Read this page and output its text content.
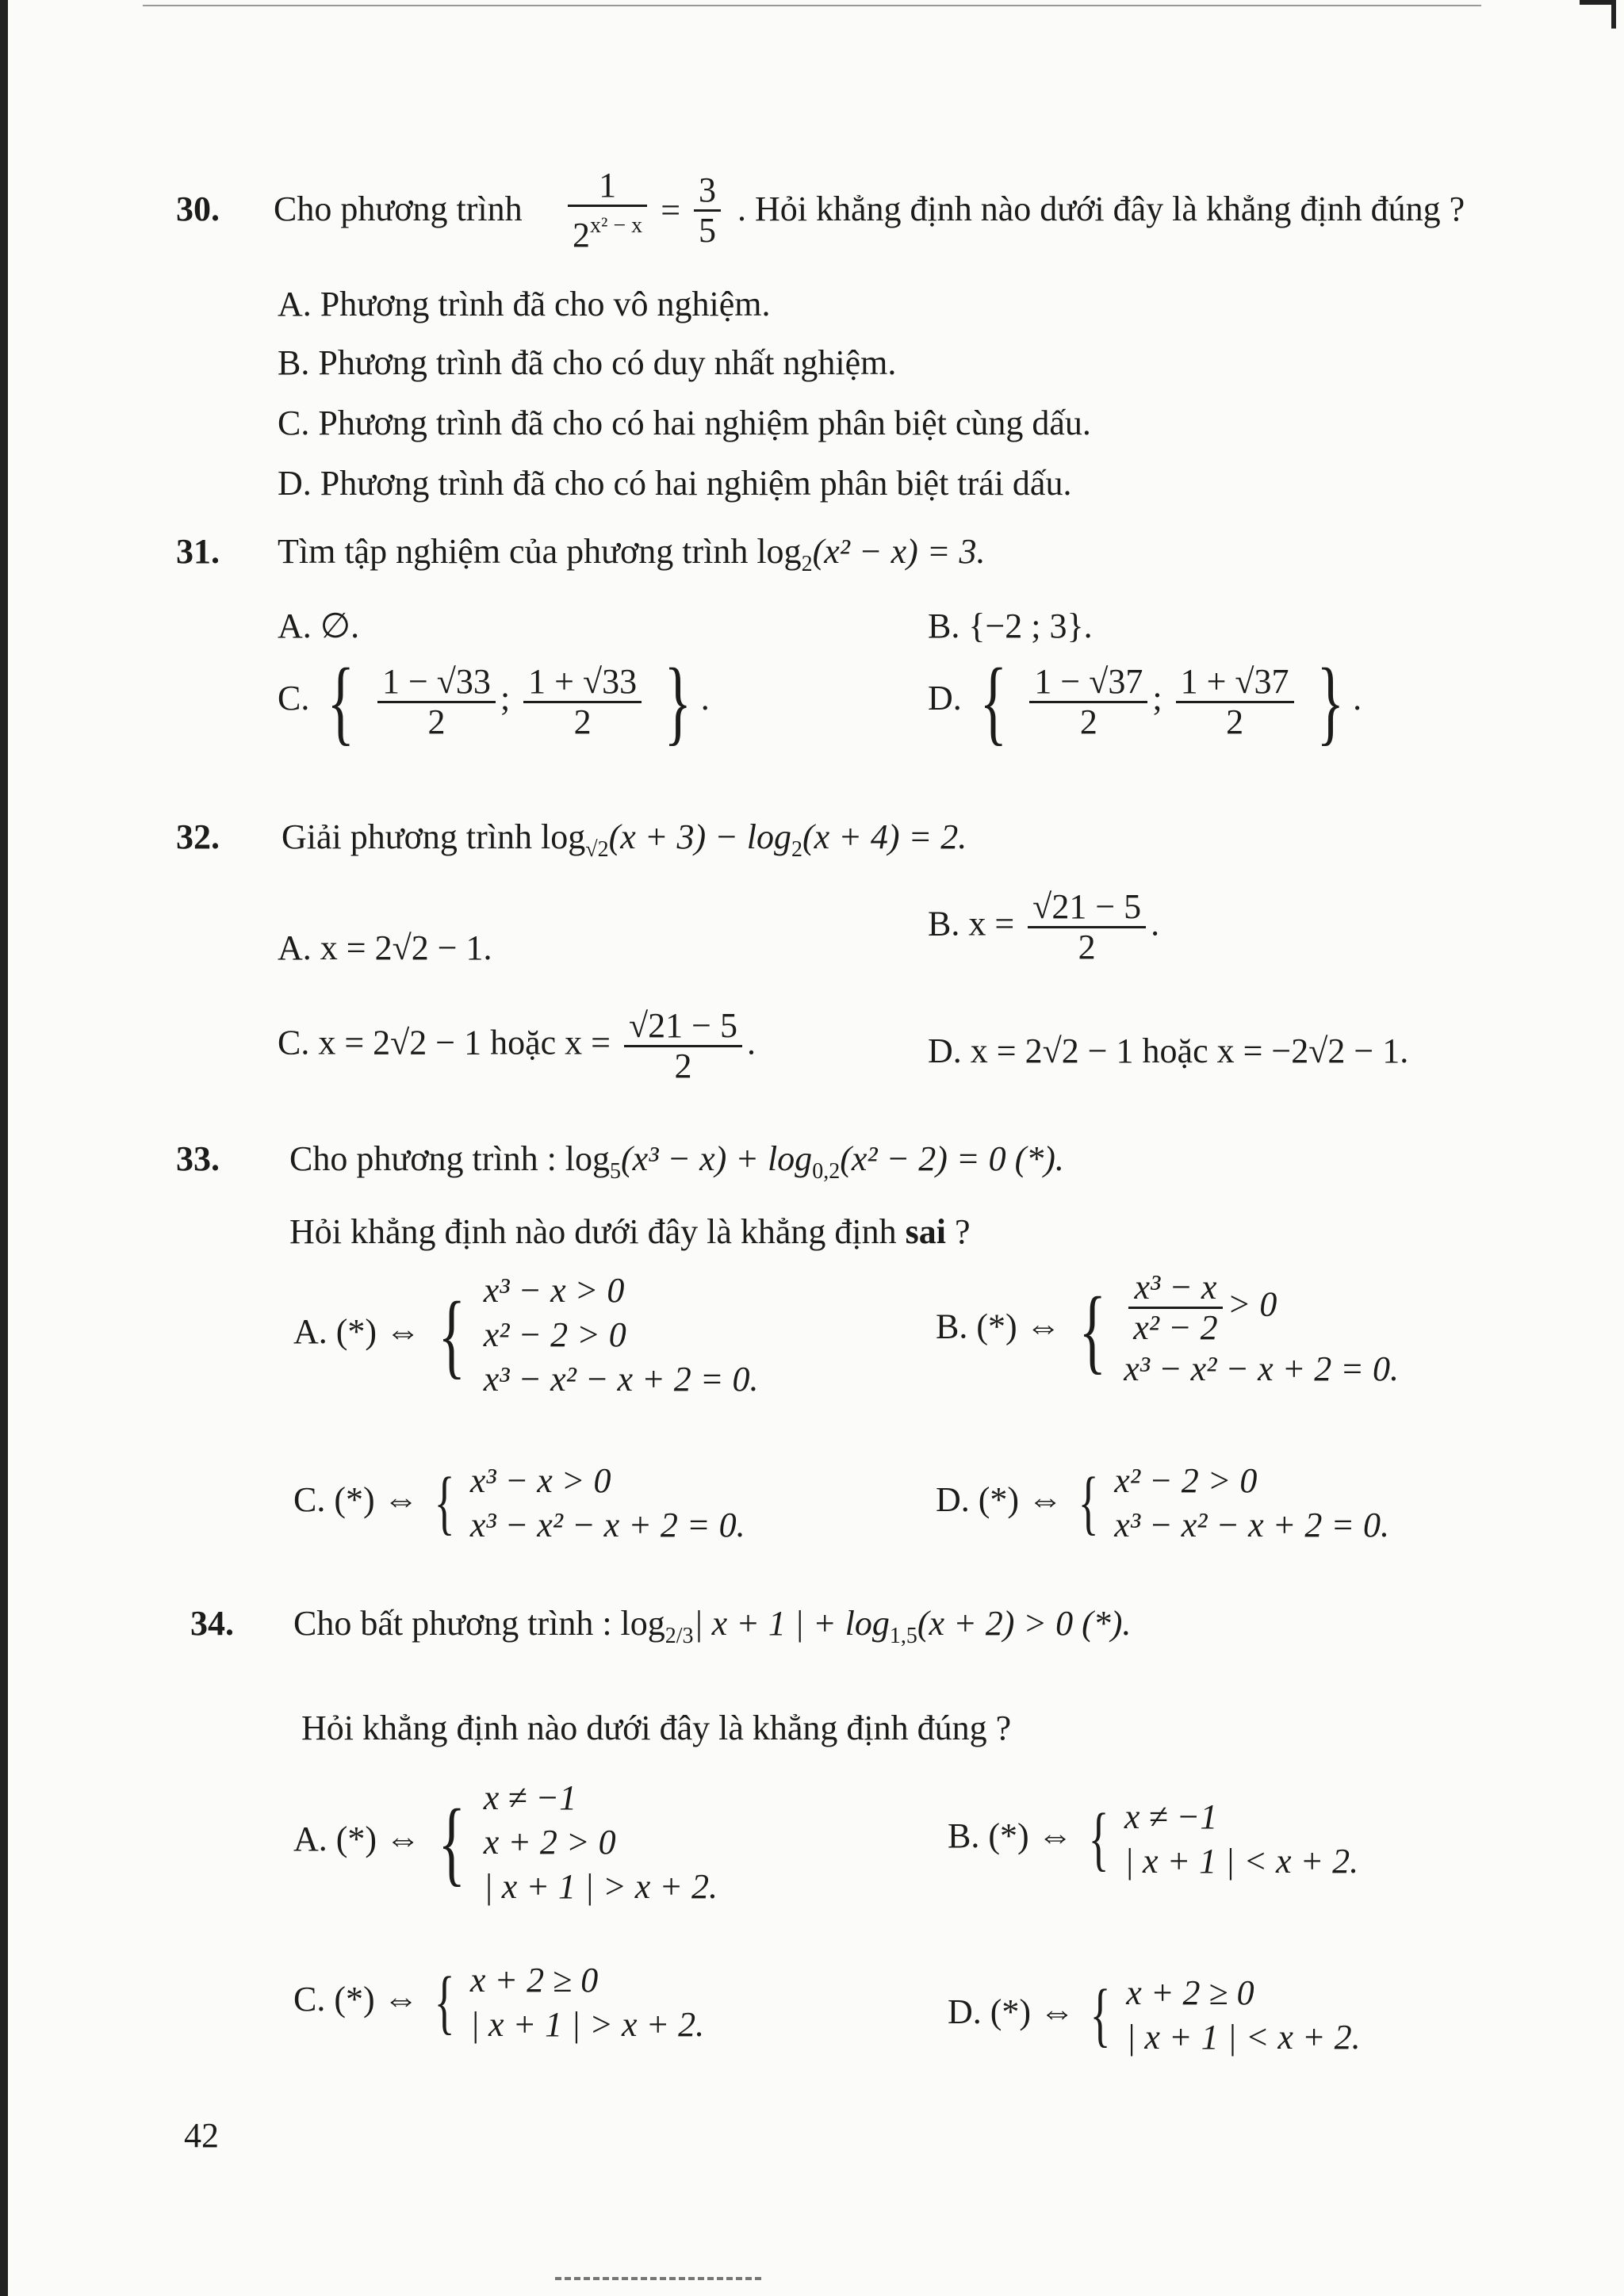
30. Cho phương trình $\frac{1}{2^{x^2 - x}} = \frac{3}{5}$ . Hỏi khẳng định nào dưới đây là khẳng định đúng ?
A. Phương trình đã cho vô nghiệm.
B. Phương trình đã cho có duy nhất nghiệm.
C. Phương trình đã cho có hai nghiệm phân biệt cùng dấu.
D. Phương trình đã cho có hai nghiệm phân biệt trái dấu.
31. Tìm tập nghiệm của phương trình $\log_2(x^2 - x) = 3$.
A. ∅.	B. {−2 ; 3}.
C. { $\frac{1 - √33}{2}$ ; $\frac{1 + √33}{2}$ } .	D. { $\frac{1 - √37}{2}$ ; $\frac{1 + √37}{2}$ } .
32. Giải phương trình $\log_{√2}(x + 3) - \log_2(x + 4) = 2$.
A. x = 2√2 − 1.
B. $x = \frac{√21 - 5}{2}$ .
C. x = 2√2 − 1 hoặc $x = \frac{√21 - 5}{2}$ .	D. x = 2√2 − 1 hoặc x = −2√2 − 1.
33. Cho phương trình : $\log_5(x^3 - x) + \log_{0,2}(x^2 - 2) = 0$ (*).
Hỏi khẳng định nào dưới đây là khẳng định sai ?
A. (*) ⇔ { x³ − x > 0
x² − 2 > 0
x³ − x² − x + 2 = 0.
B. (*) ⇔ { $\frac{\text{x³ − x}}{\text{x² − 2}} > 0$
x³ − x² − x + 2 = 0.
C. (*) ⇔ { x³ − x > 0
x³ − x² − x + 2 = 0.
D. (*) ⇔ { x² − 2 > 0
x³ − x² − x + 2 = 0.
34. Cho bất phương trình : $\log_{2/3}|$ x + 1 | + $\log_{1,5}(x + 2) > 0$ (*).
Hỏi khẳng định nào dưới đây là khẳng định đúng ?
A. (*) ⇔ { x ≠ −1
x + 2 > 0
| x + 1 | > x + 2.
B. (*) ⇔ { x ≠ −1
| x + 1 | < x + 2.
C. (*) ⇔ { x + 2 ≥ 0
| x + 1 | > x + 2.	D. (*) ⇔ { x + 2 ≥ 0
| x + 1 | < x + 2.
42
